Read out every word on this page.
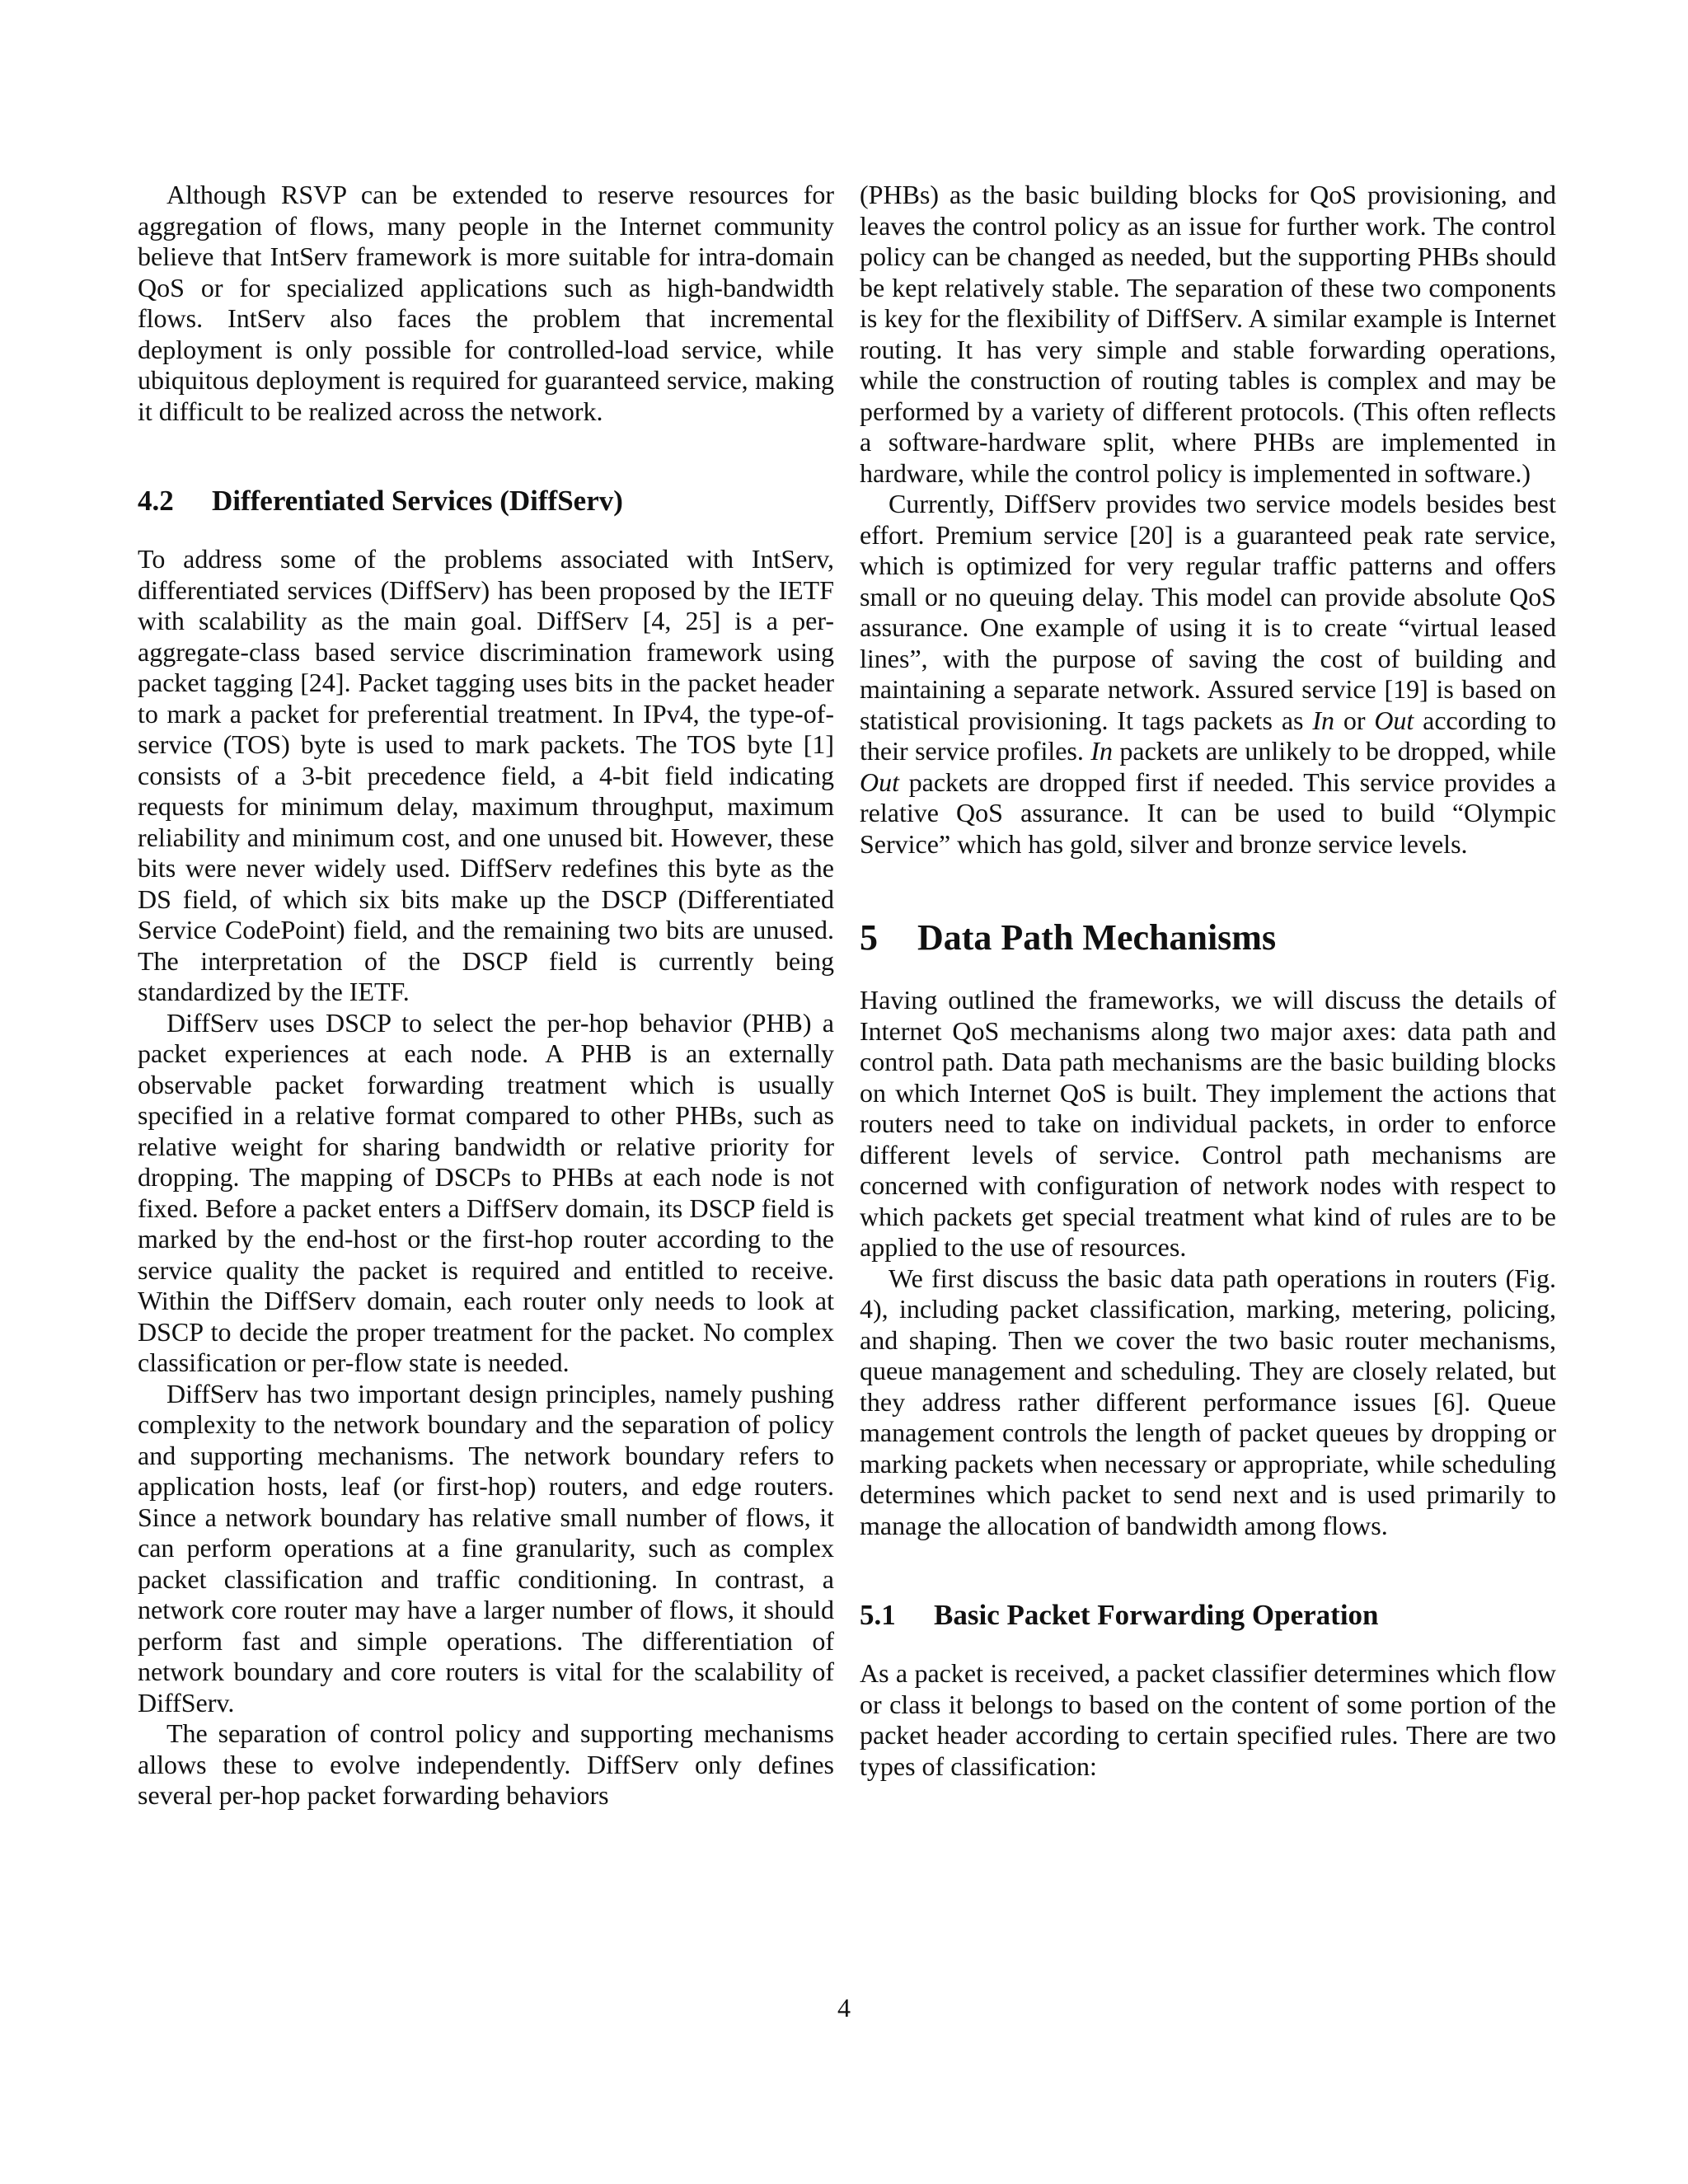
Although RSVP can be extended to reserve resources for aggregation of flows, many people in the Internet community believe that IntServ framework is more suitable for intra-domain QoS or for specialized applications such as high-bandwidth flows. IntServ also faces the problem that incremental deployment is only possible for controlled-load service, while ubiquitous deployment is required for guaranteed service, making it difficult to be realized across the network.

4.2 Differentiated Services (DiffServ)

To address some of the problems associated with IntServ, differentiated services (DiffServ) has been proposed by the IETF with scalability as the main goal. DiffServ [4, 25] is a per-aggregate-class based service discrimination framework using packet tagging [24]. Packet tagging uses bits in the packet header to mark a packet for preferential treatment. In IPv4, the type-of-service (TOS) byte is used to mark packets. The TOS byte [1] consists of a 3-bit precedence field, a 4-bit field indicating requests for minimum delay, maximum throughput, maximum reliability and minimum cost, and one unused bit. However, these bits were never widely used. DiffServ redefines this byte as the DS field, of which six bits make up the DSCP (Differentiated Service CodePoint) field, and the remaining two bits are unused. The interpretation of the DSCP field is currently being standardized by the IETF.

DiffServ uses DSCP to select the per-hop behavior (PHB) a packet experiences at each node. A PHB is an externally observable packet forwarding treatment which is usually specified in a relative format compared to other PHBs, such as relative weight for sharing bandwidth or relative priority for dropping. The mapping of DSCPs to PHBs at each node is not fixed. Before a packet enters a DiffServ domain, its DSCP field is marked by the end-host or the first-hop router according to the service quality the packet is required and entitled to receive. Within the DiffServ domain, each router only needs to look at DSCP to decide the proper treatment for the packet. No complex classification or per-flow state is needed.

DiffServ has two important design principles, namely pushing complexity to the network boundary and the separation of policy and supporting mechanisms. The network boundary refers to application hosts, leaf (or first-hop) routers, and edge routers. Since a network boundary has relative small number of flows, it can perform operations at a fine granularity, such as complex packet classification and traffic conditioning. In contrast, a network core router may have a larger number of flows, it should perform fast and simple operations. The differentiation of network boundary and core routers is vital for the scalability of DiffServ.

The separation of control policy and supporting mechanisms allows these to evolve independently. DiffServ only defines several per-hop packet forwarding behaviors

(PHBs) as the basic building blocks for QoS provisioning, and leaves the control policy as an issue for further work. The control policy can be changed as needed, but the supporting PHBs should be kept relatively stable. The separation of these two components is key for the flexibility of DiffServ. A similar example is Internet routing. It has very simple and stable forwarding operations, while the construction of routing tables is complex and may be performed by a variety of different protocols. (This often reflects a software-hardware split, where PHBs are implemented in hardware, while the control policy is implemented in software.)

Currently, DiffServ provides two service models besides best effort. Premium service [20] is a guaranteed peak rate service, which is optimized for very regular traffic patterns and offers small or no queuing delay. This model can provide absolute QoS assurance. One example of using it is to create “virtual leased lines”, with the purpose of saving the cost of building and maintaining a separate network. Assured service [19] is based on statistical provisioning. It tags packets as In or Out according to their service profiles. In packets are unlikely to be dropped, while Out packets are dropped first if needed. This service provides a relative QoS assurance. It can be used to build “Olympic Service” which has gold, silver and bronze service levels.

5 Data Path Mechanisms

Having outlined the frameworks, we will discuss the details of Internet QoS mechanisms along two major axes: data path and control path. Data path mechanisms are the basic building blocks on which Internet QoS is built. They implement the actions that routers need to take on individual packets, in order to enforce different levels of service. Control path mechanisms are concerned with configuration of network nodes with respect to which packets get special treatment what kind of rules are to be applied to the use of resources.

We first discuss the basic data path operations in routers (Fig. 4), including packet classification, marking, metering, policing, and shaping. Then we cover the two basic router mechanisms, queue management and scheduling. They are closely related, but they address rather different performance issues [6]. Queue management controls the length of packet queues by dropping or marking packets when necessary or appropriate, while scheduling determines which packet to send next and is used primarily to manage the allocation of bandwidth among flows.

5.1 Basic Packet Forwarding Operation

As a packet is received, a packet classifier determines which flow or class it belongs to based on the content of some portion of the packet header according to certain specified rules. There are two types of classification:

4
